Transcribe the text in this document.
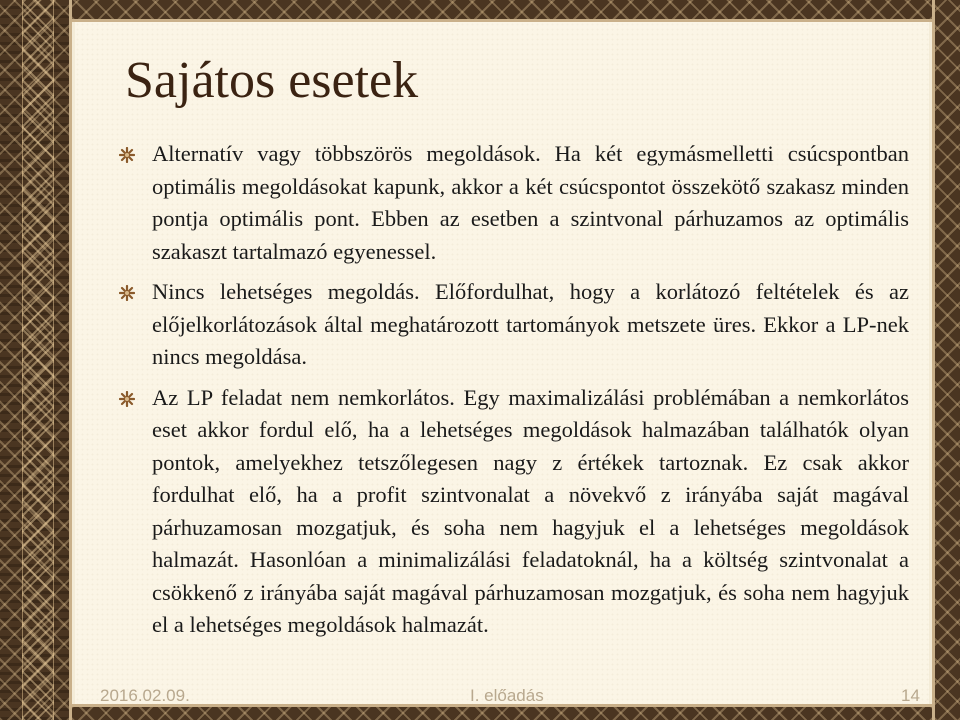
Sajátos esetek
Alternatív vagy többszörös megoldások. Ha két egymásmelletti csúcspontban optimális megoldásokat kapunk, akkor a két csúcspontot összekötő szakasz minden pontja optimális pont. Ebben az esetben a szintvonal párhuzamos az optimális szakaszt tartalmazó egyenessel.
Nincs lehetséges megoldás. Előfordulhat, hogy a korlátozó feltételek és az előjelkorlátozások által meghatározott tartományok metszete üres. Ekkor a LP-nek nincs megoldása.
Az LP feladat nem nemkorlátos. Egy maximalizálási problémában a nemkorlátos eset akkor fordul elő, ha a lehetséges megoldások halmazában találhatók olyan pontok, amelyekhez tetszőlegesen nagy z értékek tartoznak. Ez csak akkor fordulhat elő, ha a profit szintvonalat a növekvő z irányába saját magával párhuzamosan mozgatjuk, és soha nem hagyjuk el a lehetséges megoldások halmazát. Hasonlóan a minimalizálási feladatoknál, ha a költség szintvonalat a csökkenő z irányába saját magával párhuzamosan mozgatjuk, és soha nem hagyjuk el a lehetséges megoldások halmazát.
2016.02.09.	I. előadás	14
